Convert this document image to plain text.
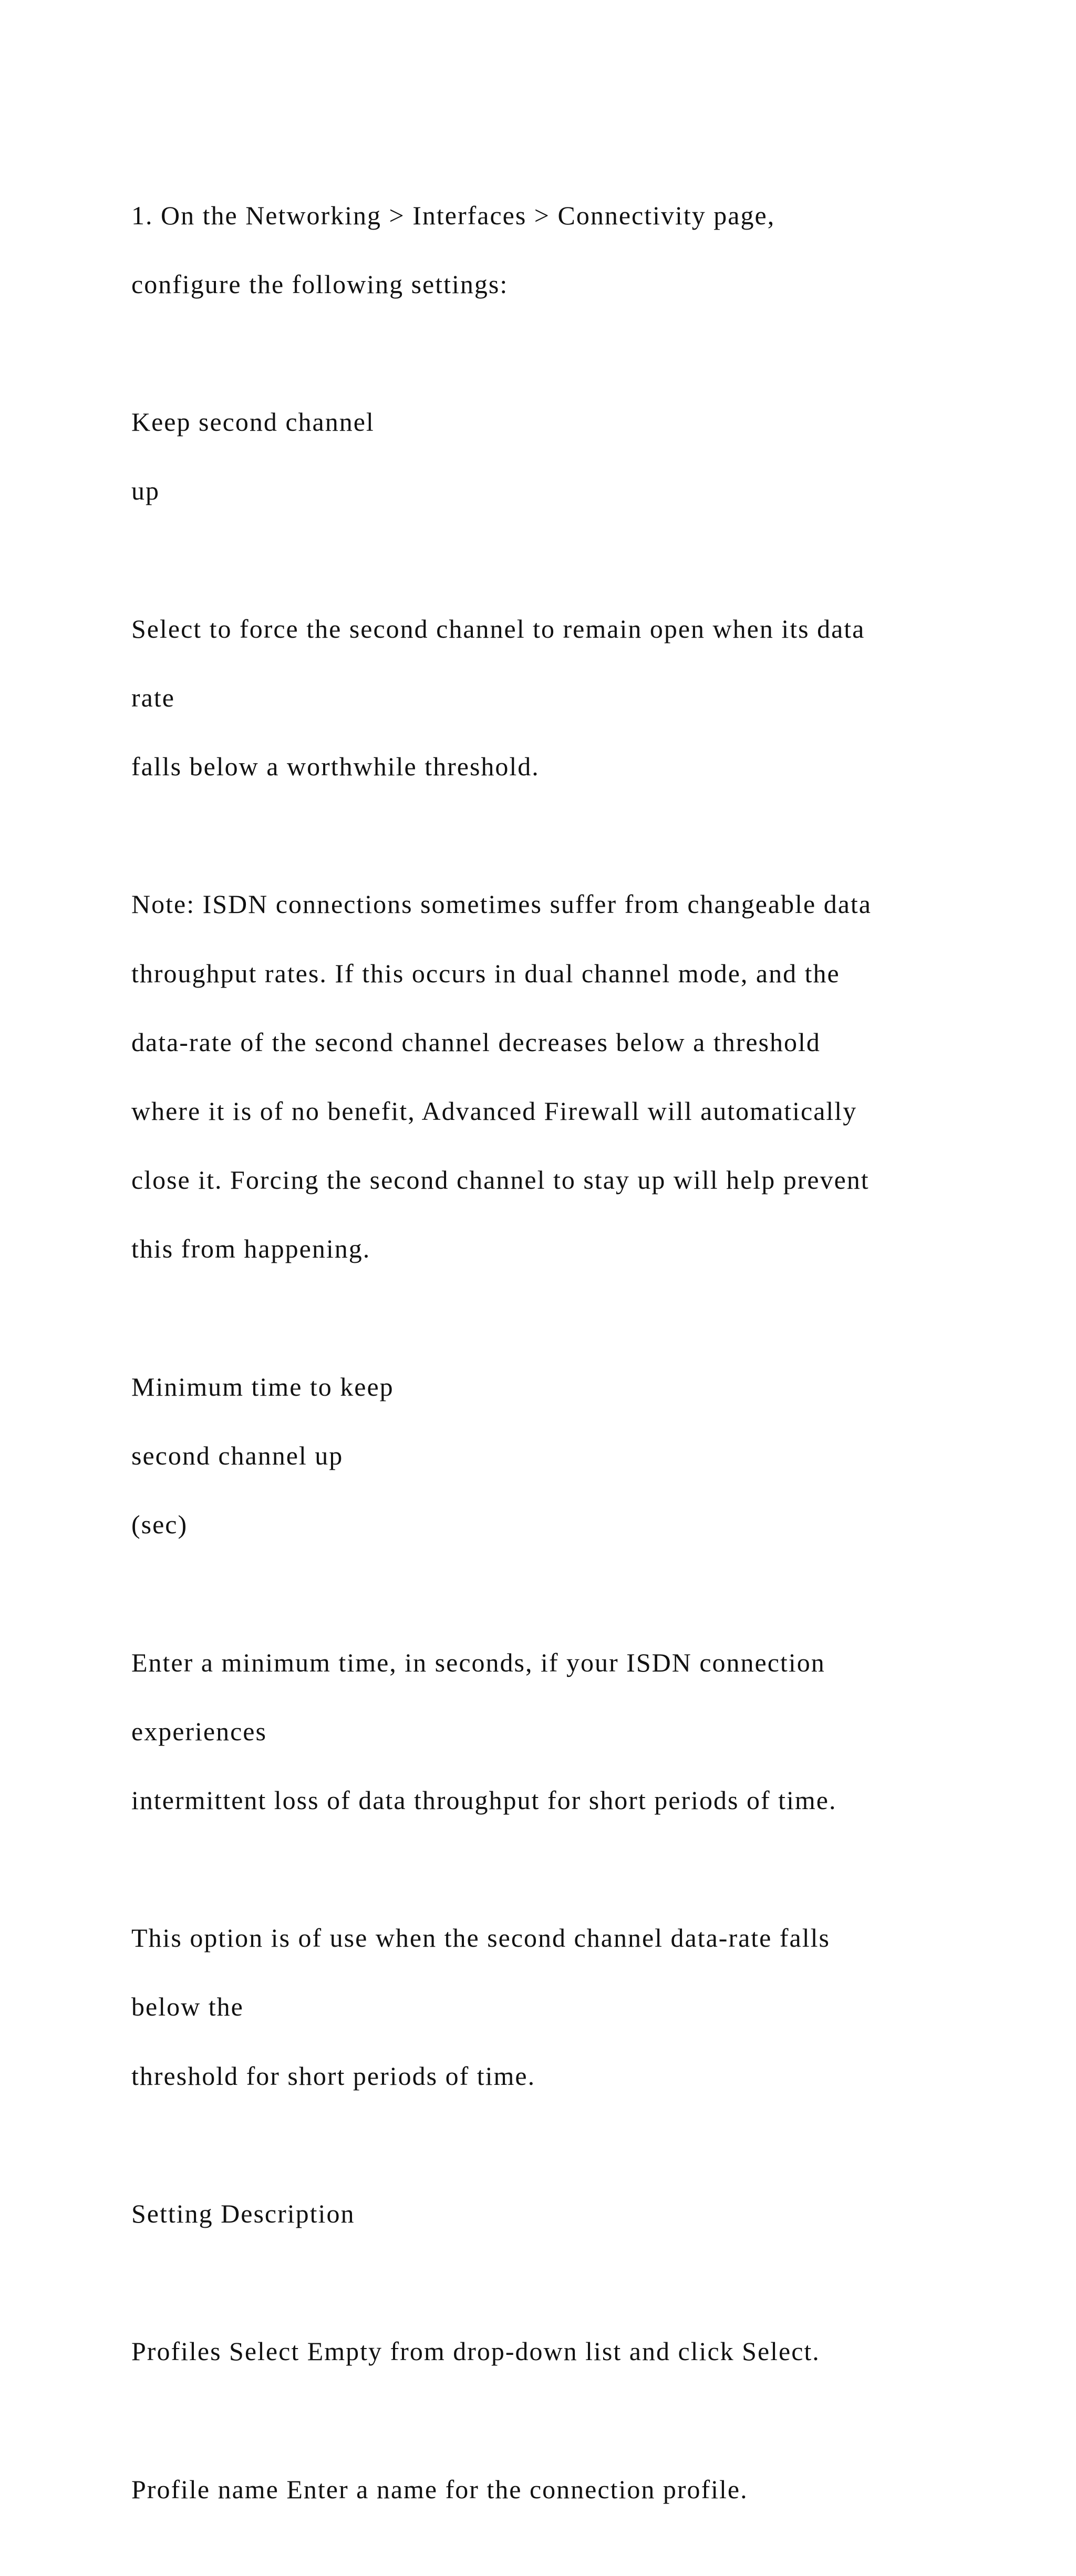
1. On the Networking > Interfaces > Connectivity page,

configure the following settings:

Keep second channel

up

Select to force the second channel to remain open when its data

rate

falls below a worthwhile threshold.

Note: ISDN connections sometimes suffer from changeable data

throughput rates. If this occurs in dual channel mode, and the

data-rate of the second channel decreases below a threshold

where it is of no benefit, Advanced Firewall will automatically

close it. Forcing the second channel to stay up will help prevent

this from happening.

Minimum time to keep

second channel up

(sec)

Enter a minimum time, in seconds, if your ISDN connection

experiences

intermittent loss of data throughput for short periods of time.

This option is of use when the second channel data-rate falls

below the

threshold for short periods of time.

Setting Description

Profiles Select Empty from drop-down list and click Select.

Profile name Enter a name for the connection profile.
